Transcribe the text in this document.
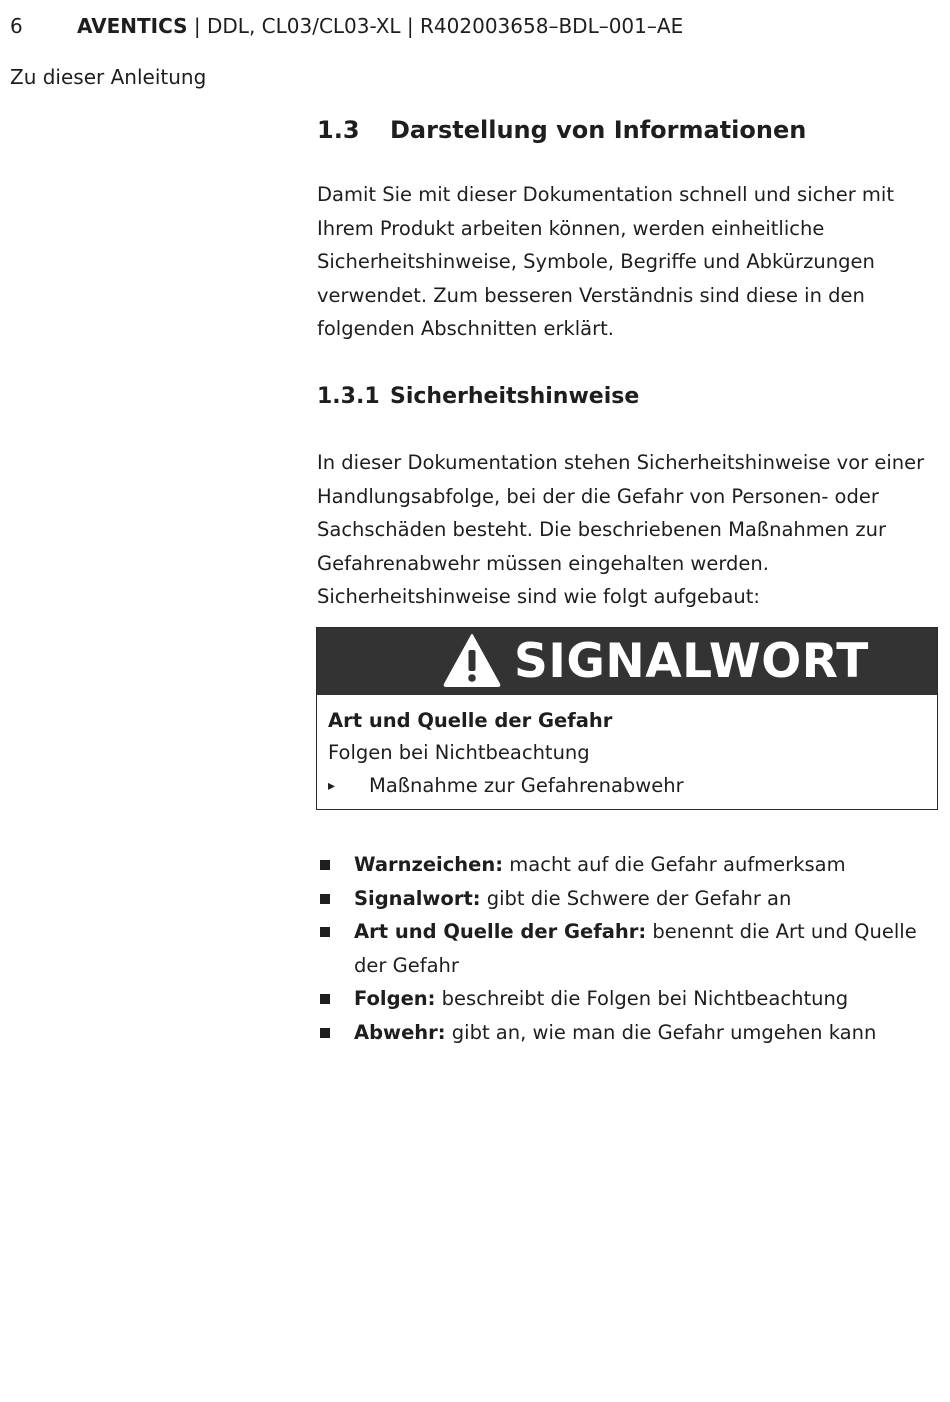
6	AVENTICS | DDL, CL03/CL03-XL | R402003658–BDL–001–AE
Zu dieser Anleitung
1.3 Darstellung von Informationen
Damit Sie mit dieser Dokumentation schnell und sicher mit Ihrem Produkt arbeiten können, werden einheitliche Sicherheitshinweise, Symbole, Begriffe und Abkürzungen verwendet. Zum besseren Verständnis sind diese in den folgenden Abschnitten erklärt.
1.3.1 Sicherheitshinweise
In dieser Dokumentation stehen Sicherheitshinweise vor einer Handlungsabfolge, bei der die Gefahr von Personen- oder Sachschäden besteht. Die beschriebenen Maßnahmen zur Gefahrenabwehr müssen eingehalten werden.
Sicherheitshinweise sind wie folgt aufgebaut:
SIGNALWORT
Art und Quelle der Gefahr
Folgen bei Nichtbeachtung
▸ Maßnahme zur Gefahrenabwehr
Warnzeichen: macht auf die Gefahr aufmerksam
Signalwort: gibt die Schwere der Gefahr an
Art und Quelle der Gefahr: benennt die Art und Quelle der Gefahr
Folgen: beschreibt die Folgen bei Nichtbeachtung
Abwehr: gibt an, wie man die Gefahr umgehen kann
